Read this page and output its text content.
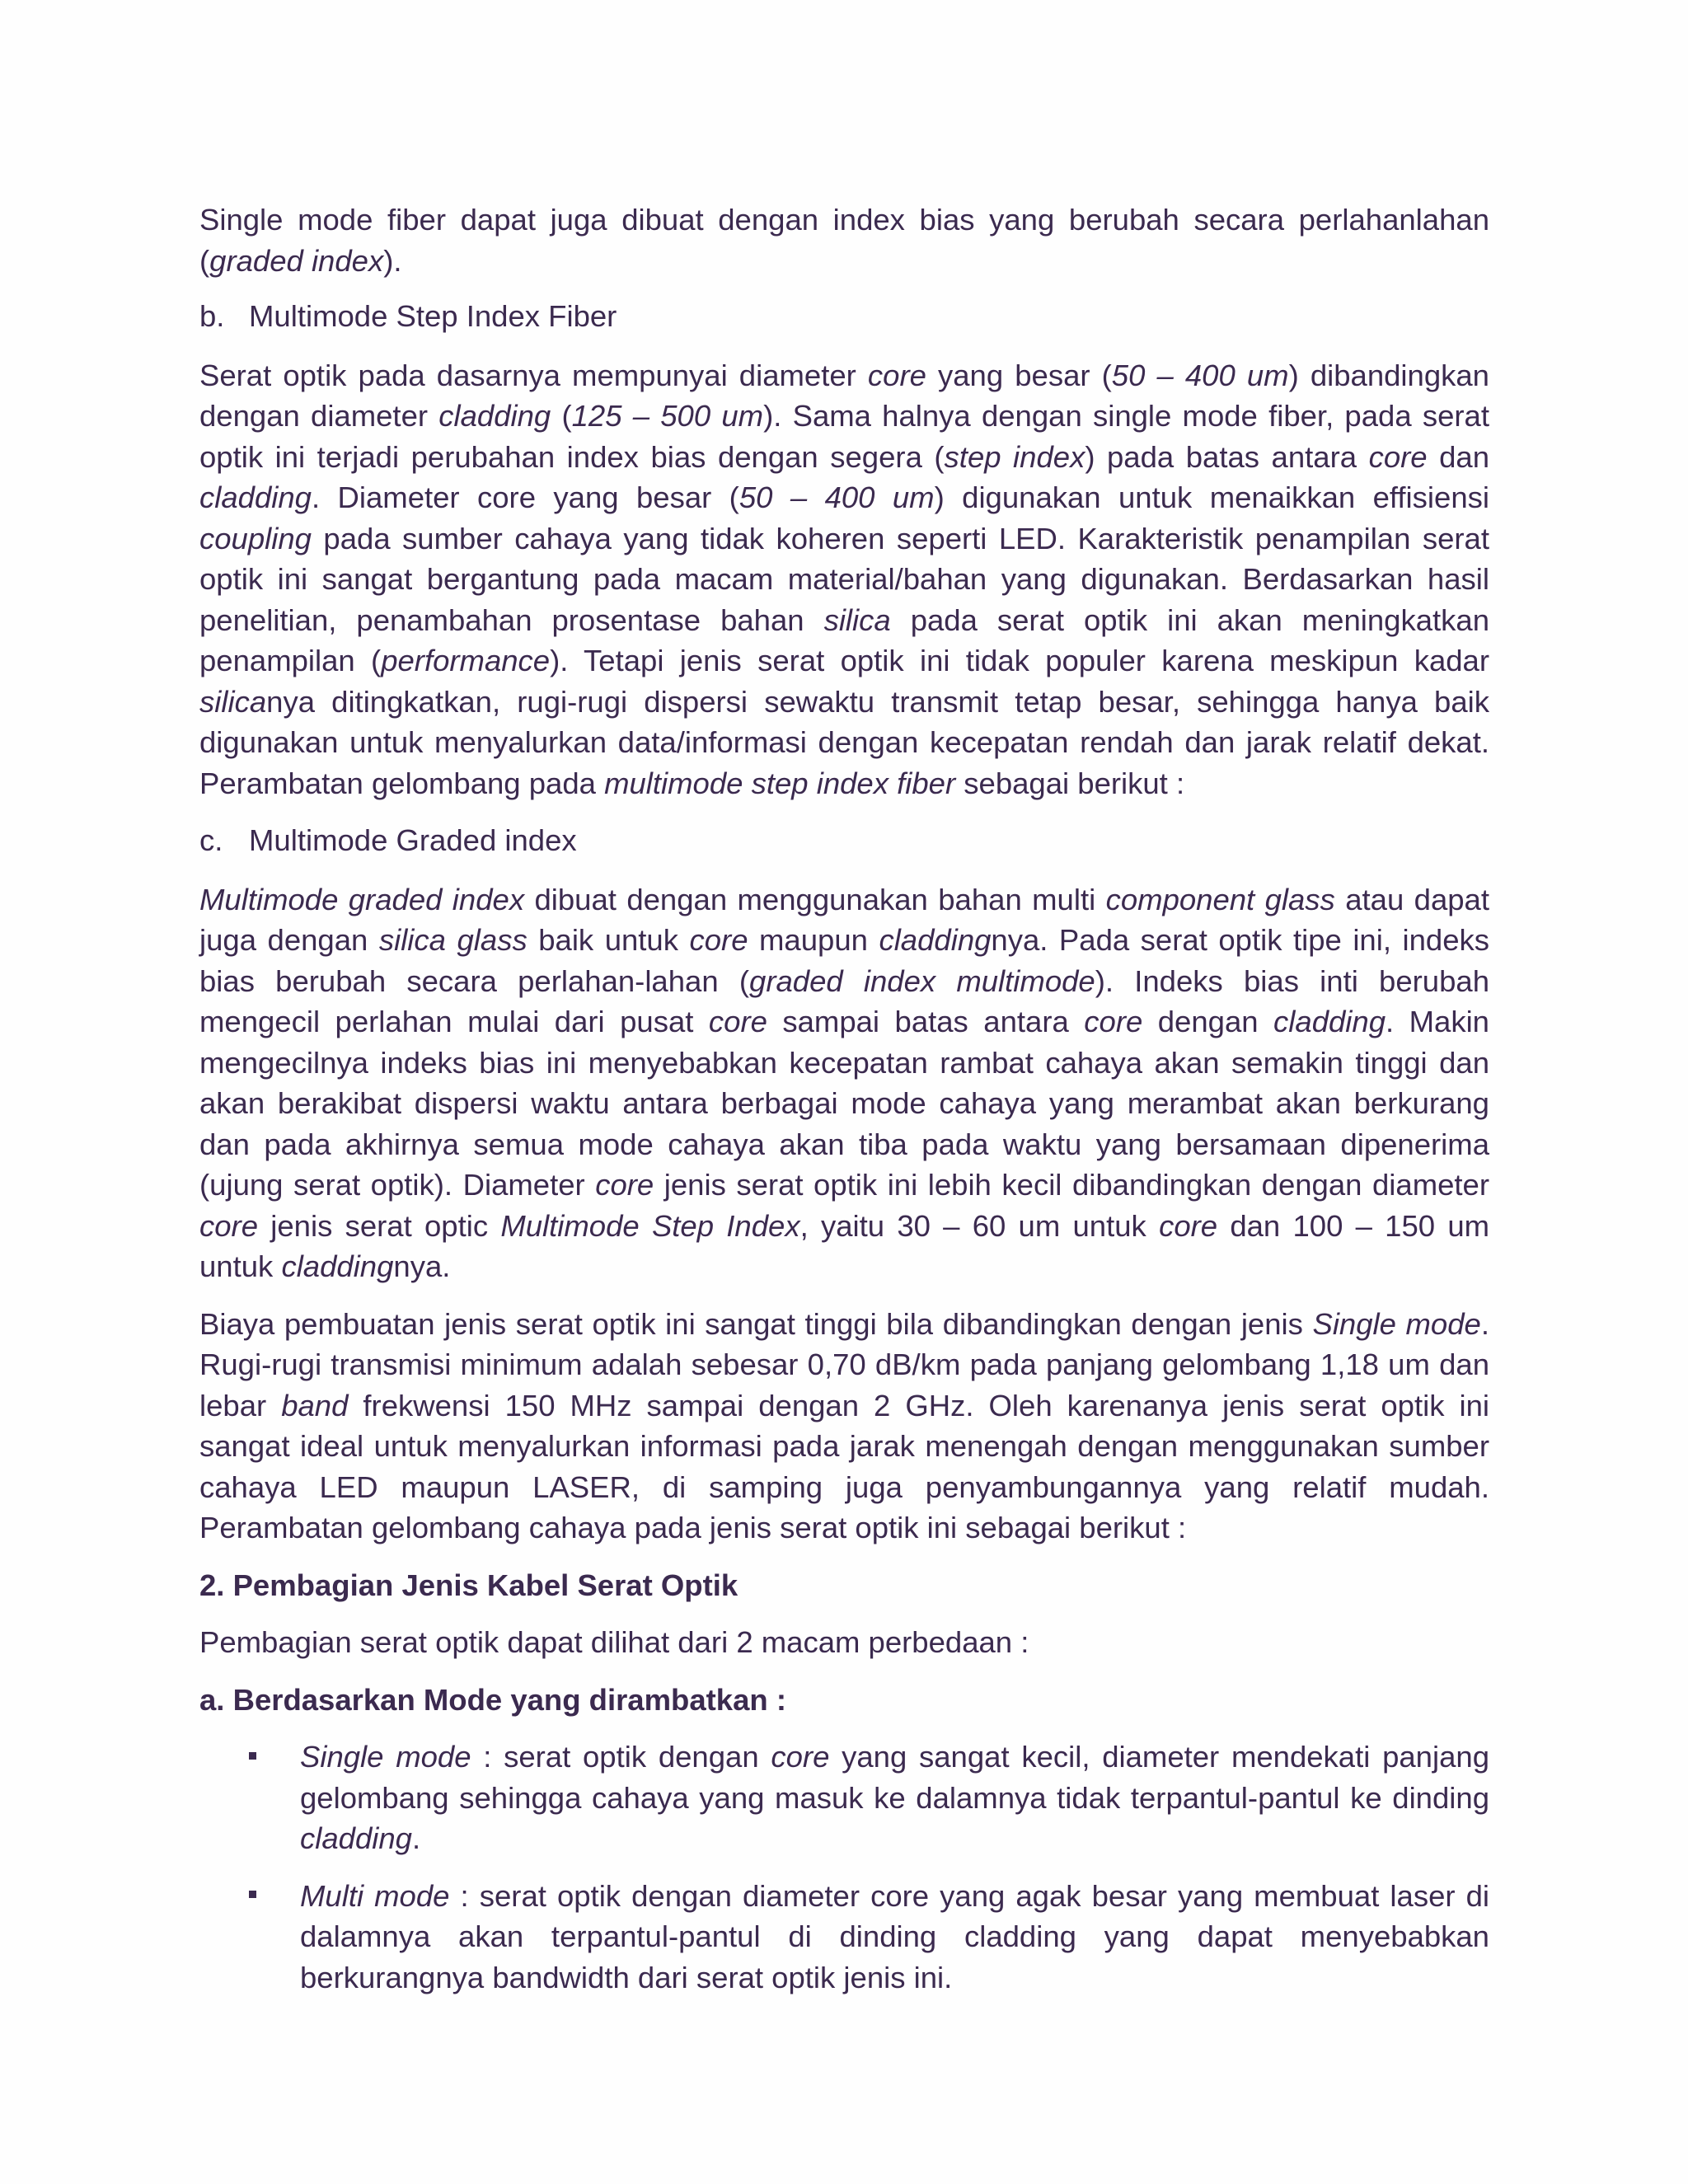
Single mode fiber dapat juga dibuat dengan index bias yang berubah secara perlahanlahan (graded index).

b. Multimode Step Index Fiber

Serat optik pada dasarnya mempunyai diameter core yang besar (50 – 400 um) dibandingkan dengan diameter cladding (125 – 500 um). Sama halnya dengan single mode fiber, pada serat optik ini terjadi perubahan index bias dengan segera (step index) pada batas antara core dan cladding. Diameter core yang besar (50 – 400 um) digunakan untuk menaikkan effisiensi coupling pada sumber cahaya yang tidak koheren seperti LED. Karakteristik penampilan serat optik ini sangat bergantung pada macam material/bahan yang digunakan. Berdasarkan hasil penelitian, penambahan prosentase bahan silica pada serat optik ini akan meningkatkan penampilan (performance). Tetapi jenis serat optik ini tidak populer karena meskipun kadar silicanya ditingkatkan, rugi-rugi dispersi sewaktu transmit tetap besar, sehingga hanya baik digunakan untuk menyalurkan data/informasi dengan kecepatan rendah dan jarak relatif dekat. Perambatan gelombang pada multimode step index fiber sebagai berikut :

c. Multimode Graded index

Multimode graded index dibuat dengan menggunakan bahan multi component glass atau dapat juga dengan silica glass baik untuk core maupun claddingnya. Pada serat optik tipe ini, indeks bias berubah secara perlahan-lahan (graded index multimode). Indeks bias inti berubah mengecil perlahan mulai dari pusat core sampai batas antara core dengan cladding. Makin mengecilnya indeks bias ini menyebabkan kecepatan rambat cahaya akan semakin tinggi dan akan berakibat dispersi waktu antara berbagai mode cahaya yang merambat akan berkurang dan pada akhirnya semua mode cahaya akan tiba pada waktu yang bersamaan dipenerima (ujung serat optik). Diameter core jenis serat optik ini lebih kecil dibandingkan dengan diameter core jenis serat optic Multimode Step Index, yaitu 30 – 60 um untuk core dan 100 – 150 um untuk claddingnya.

Biaya pembuatan jenis serat optik ini sangat tinggi bila dibandingkan dengan jenis Single mode. Rugi-rugi transmisi minimum adalah sebesar 0,70 dB/km pada panjang gelombang 1,18 um dan lebar band frekwensi 150 MHz sampai dengan 2 GHz. Oleh karenanya jenis serat optik ini sangat ideal untuk menyalurkan informasi pada jarak menengah dengan menggunakan sumber cahaya LED maupun LASER, di samping juga penyambungannya yang relatif mudah. Perambatan gelombang cahaya pada jenis serat optik ini sebagai berikut :

2. Pembagian Jenis Kabel Serat Optik

Pembagian serat optik dapat dilihat dari 2 macam perbedaan :

a. Berdasarkan Mode yang dirambatkan :
Single mode : serat optik dengan core yang sangat kecil, diameter mendekati panjang gelombang sehingga cahaya yang masuk ke dalamnya tidak terpantul-pantul ke dinding cladding.
Multi mode : serat optik dengan diameter core yang agak besar yang membuat laser di dalamnya akan terpantul-pantul di dinding cladding yang dapat menyebabkan berkurangnya bandwidth dari serat optik jenis ini.
